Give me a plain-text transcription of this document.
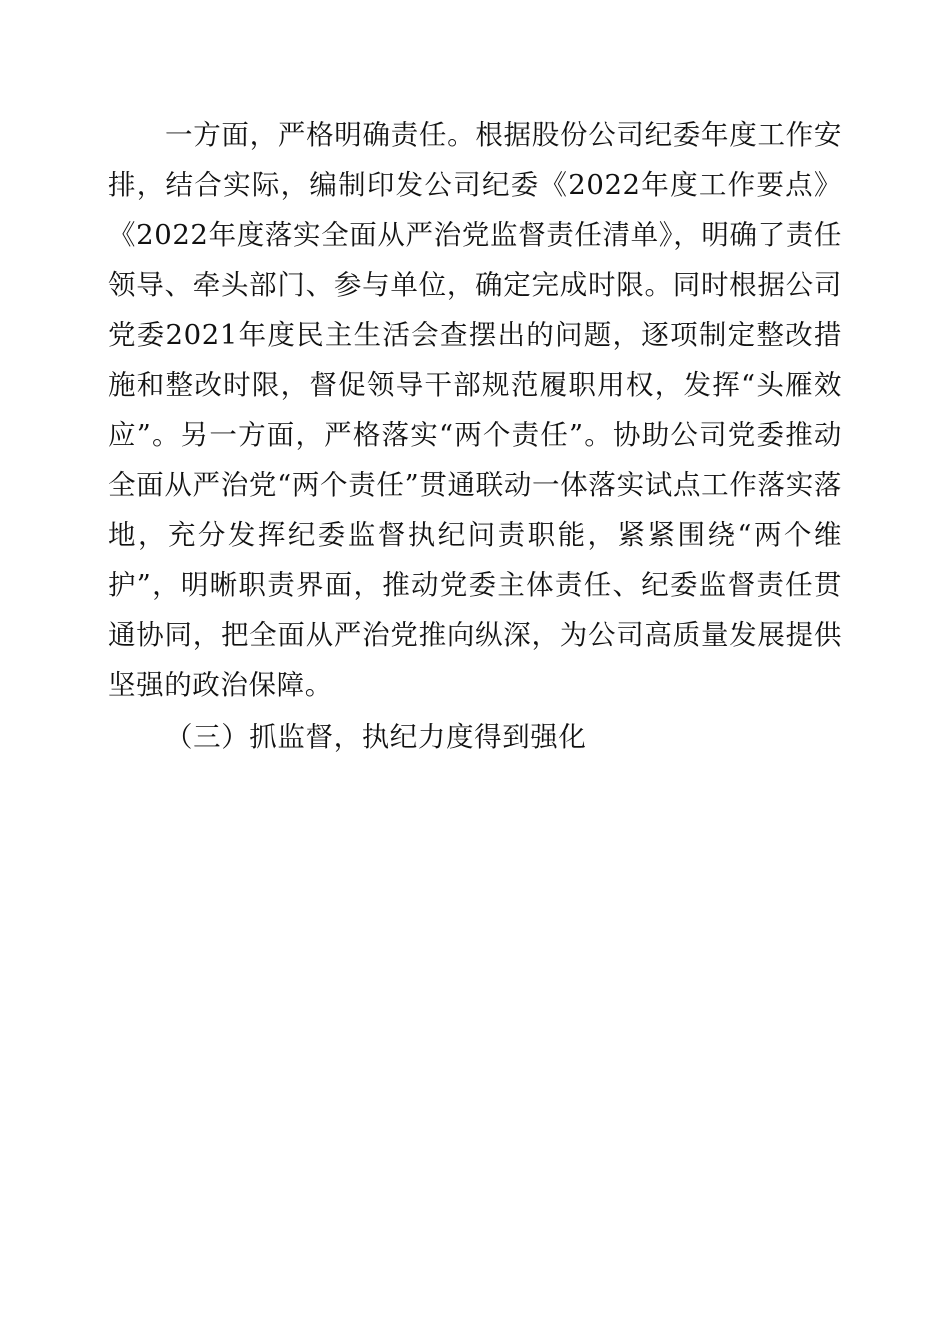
一方面，严格明确责任。根据股份公司纪委年度工作安排，结合实际，编制印发公司纪委《2022年度工作要点》《2022年度落实全面从严治党监督责任清单》，明确了责任领导、牵头部门、参与单位，确定完成时限。同时根据公司党委2021年度民主生活会查摆出的问题，逐项制定整改措施和整改时限，督促领导干部规范履职用权，发挥“头雁效应”。另一方面，严格落实“两个责任”。协助公司党委推动全面从严治党“两个责任”贯通联动一体落实试点工作落实落地，充分发挥纪委监督执纪问责职能，紧紧围绕“两个维护”，明晰职责界面，推动党委主体责任、纪委监督责任贯通协同，把全面从严治党推向纵深，为公司高质量发展提供坚强的政治保障。

（三）抓监督，执纪力度得到强化
